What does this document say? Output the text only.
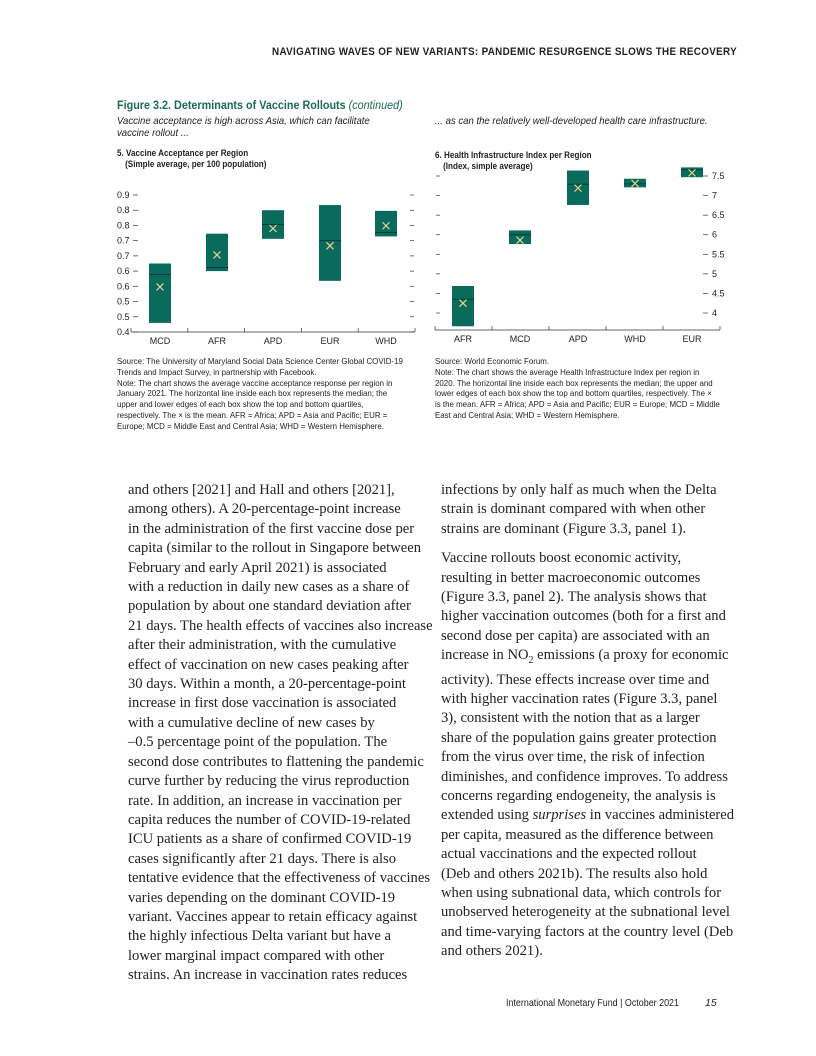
NAVIGATING WAVES OF NEW VARIANTS: PANDEMIC RESURGENCE SLOWS THE RECOVERY
Figure 3.2. Determinants of Vaccine Rollouts (continued)
Vaccine acceptance is high across Asia, which can facilitate vaccine rollout ...
... as can the relatively well-developed health care infrastructure.
5. Vaccine Acceptance per Region
(Simple average, per 100 population)
6. Health Infrastructure Index per Region
(Index, simple average)
0.4
0.5
0.5
0.6
0.6
0.7
0.7
0.8
0.8
0.9
MCD	AFR	APD	EUR	WHD
4
4.5
5
5.5
6
6.5
7
7.5
AFR	MCD	APD	WHD	EUR
Source: The University of Maryland Social Data Science Center Global COVID-19
Trends and Impact Survey, in partnership with Facebook.
Note: The chart shows the average vaccine acceptance response per region in
January 2021. The horizontal line inside each box represents the median; the
upper and lower edges of each box show the top and bottom quartiles,
respectively. The × is the mean. AFR = Africa; APD = Asia and Pacific; EUR =
Europe; MCD = Middle East and Central Asia; WHD = Western Hemisphere.
Source: World Economic Forum.
Note: The chart shows the average Health Infrastructure Index per region in
2020. The horizontal line inside each box represents the median; the upper and
lower edges of each box show the top and bottom quartiles, respectively. The ×
is the mean. AFR = Africa; APD = Asia and Pacific; EUR = Europe; MCD = Middle
East and Central Asia; WHD = Western Hemisphere.
and others [2021] and Hall and others [2021],
among others). A 20-percentage-point increase
in the administration of the first vaccine dose per
capita (similar to the rollout in Singapore between
February and early April 2021) is associated
with a reduction in daily new cases as a share of
population by about one standard deviation after
21 days. The health effects of vaccines also increase
after their administration, with the cumulative
effect of vaccination on new cases peaking after
30 days. Within a month, a 20-percentage-point
increase in first dose vaccination is associated
with a cumulative decline of new cases by
–0.5 percentage point of the population. The
second dose contributes to flattening the pandemic
curve further by reducing the virus reproduction
rate. In addition, an increase in vaccination per
capita reduces the number of COVID-19-related
ICU patients as a share of confirmed COVID-19
cases significantly after 21 days. There is also
tentative evidence that the effectiveness of vaccines
varies depending on the dominant COVID-19
variant. Vaccines appear to retain efficacy against
the highly infectious Delta variant but have a
lower marginal impact compared with other
strains. An increase in vaccination rates reduces
infections by only half as much when the Delta
strain is dominant compared with when other
strains are dominant (Figure 3.3, panel 1).
Vaccine rollouts boost economic activity,
resulting in better macroeconomic outcomes
(Figure 3.3, panel 2). The analysis shows that
higher vaccination outcomes (both for a first and
second dose per capita) are associated with an
increase in $NO_2$ emissions (a proxy for economic
activity). These effects increase over time and
with higher vaccination rates (Figure 3.3, panel
3), consistent with the notion that as a larger
share of the population gains greater protection
from the virus over time, the risk of infection
diminishes, and confidence improves. To address
concerns regarding endogeneity, the analysis is
extended using surprises in vaccines administered
per capita, measured as the difference between
actual vaccinations and the expected rollout
(Deb and others 2021b). The results also hold
when using subnational data, which controls for
unobserved heterogeneity at the subnational level
and time-varying factors at the country level (Deb
and others 2021).
International Monetary Fund | October 2021 15
